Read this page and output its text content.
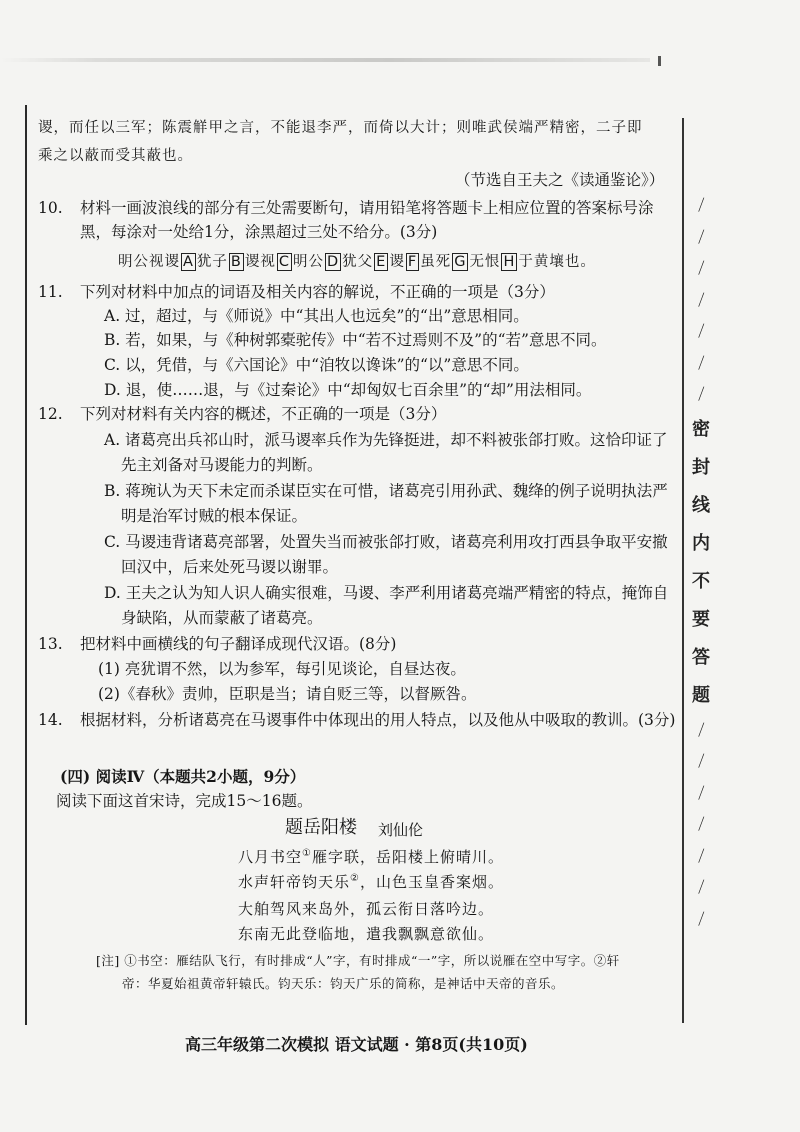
谡，而任以三军；陈震觧甲之言，不能退李严，而倚以大计；则唯武侯端严精密，二子即
乘之以蔽而受其蔽也。
（节选自王夫之《读通鉴论》）
10. 材料一画波浪线的部分有三处需要断句，请用铅笔将答题卡上相应位置的答案标号涂
黑，每涂对一处给1分，涂黑超过三处不给分。(3分)
明公视谡 A 犹子 B 谡视 C 明公 D 犹父 E 谡 F 虽死 G 无恨 H 于黄壤也。
11. 下列对材料中加点的词语及相关内容的解说，不正确的一项是（3分）
A. 过，超过，与《师说》中“其出人也远矣”的“出”意思相同。
B. 若，如果，与《种树郭橐驼传》中“若不过焉则不及”的“若”意思不同。
C. 以，凭借，与《六国论》中“洎牧以谗诛”的“以”意思不同。
D. 退，使……退，与《过秦论》中“却匈奴七百余里”的“却”用法相同。
12. 下列对材料有关内容的概述，不正确的一项是（3分）
A. 诸葛亮出兵祁山时，派马谡率兵作为先锋挺进，却不料被张郃打败。这恰印证了
先主刘备对马谡能力的判断。
B. 蒋琬认为天下未定而杀谋臣实在可惜，诸葛亮引用孙武、魏绛的例子说明执法严
明是治军讨贼的根本保证。
C. 马谡违背诸葛亮部署，处置失当而被张郃打败，诸葛亮利用攻打西县争取平安撤
回汉中，后来处死马谡以谢罪。
D. 王夫之认为知人识人确实很难，马谡、李严利用诸葛亮端严精密的特点，掩饰自
身缺陷，从而蒙蔽了诸葛亮。
13. 把材料中画横线的句子翻译成现代汉语。(8分)
(1) 亮犹谓不然，以为参军，每引见谈论，自昼达夜。
(2)《春秋》责帅，臣职是当；请自贬三等，以督厥咎。
14. 根据材料，分析诸葛亮在马谡事件中体现出的用人特点，以及他从中吸取的教训。(3分)
(四) 阅读Ⅳ（本题共2小题，9分）
阅读下面这首宋诗，完成15～16题。
题岳阳楼 刘仙伦
八月书空①雁字联，岳阳楼上俯晴川。
水声轩帝钧天乐②，山色玉皇香案烟。
大舶驾风来岛外，孤云衔日落吟边。
东南无此登临地，遣我飘飘意欲仙。
[注] ①书空：雁结队飞行，有时排成“人”字，有时排成“一”字，所以说雁在空中写字。②轩
帝：华夏始祖黄帝轩辕氏。钧天乐：钧天广乐的简称，是神话中天帝的音乐。
高三年级第二次模拟 语文试题 · 第8页(共10页)
/
/
/
/
/
/
/
密
封
线
内
不
要
答
题
/
/
/
/
/
/
/
